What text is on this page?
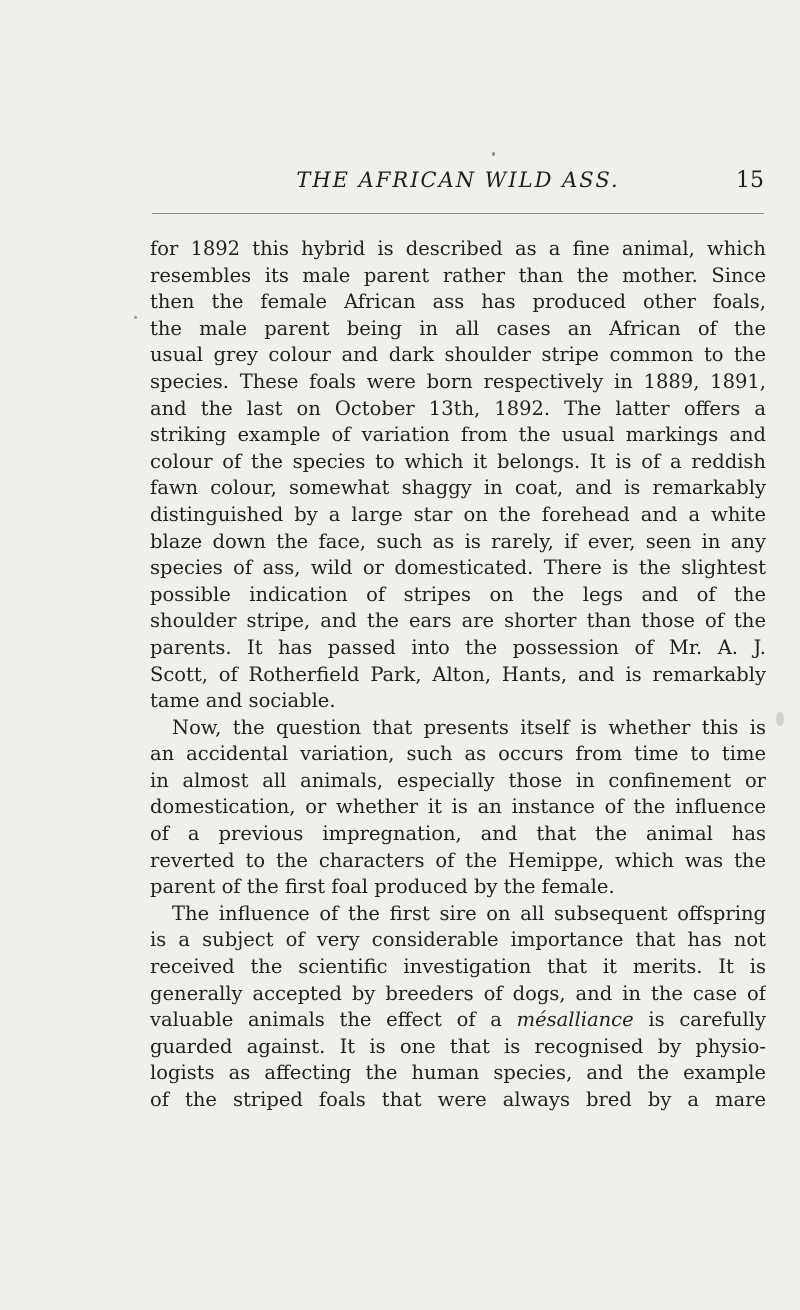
THE AFRICAN WILD ASS.	15
for 1892 this hybrid is described as a fine animal, which
resembles its male parent rather than the mother. Since
then the female African ass has produced other foals,
the male parent being in all cases an African of the
usual grey colour and dark shoulder stripe common to the
species. These foals were born respectively in 1889, 1891,
and the last on October 13th, 1892. The latter offers a
striking example of variation from the usual markings and
colour of the species to which it belongs. It is of a reddish
fawn colour, somewhat shaggy in coat, and is remarkably
distinguished by a large star on the forehead and a white
blaze down the face, such as is rarely, if ever, seen in any
species of ass, wild or domesticated. There is the slightest
possible indication of stripes on the legs and of the
shoulder stripe, and the ears are shorter than those of the
parents. It has passed into the possession of Mr. A. J.
Scott, of Rotherfield Park, Alton, Hants, and is remarkably
tame and sociable.
Now, the question that presents itself is whether this is
an accidental variation, such as occurs from time to time
in almost all animals, especially those in confinement or
domestication, or whether it is an instance of the influence
of a previous impregnation, and that the animal has
reverted to the characters of the Hemippe, which was the
parent of the first foal produced by the female.
The influence of the first sire on all subsequent offspring
is a subject of very considerable importance that has not
received the scientific investigation that it merits. It is
generally accepted by breeders of dogs, and in the case of
valuable animals the effect of a mésalliance is carefully
guarded against. It is one that is recognised by physio-
logists as affecting the human species, and the example
of the striped foals that were always bred by a mare
